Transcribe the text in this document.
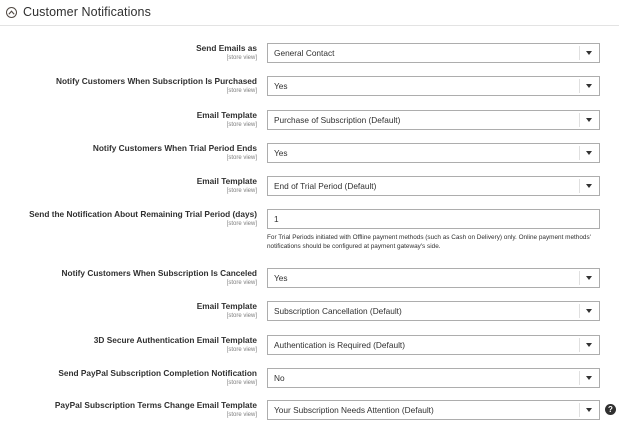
Customer Notifications
Send Emails as
[store view]	General Contact
Notify Customers When Subscription Is Purchased
[store view]	Yes
Email Template
[store view]	Purchase of Subscription (Default)
Notify Customers When Trial Period Ends
[store view]	Yes
Email Template
[store view]	End of Trial Period (Default)
Send the Notification About Remaining Trial Period (days)
[store view]	1
For Trial Periods initiated with Offline payment methods (such as Cash on Delivery) only. Online payment methods' notifications should be configured at payment gateway's side.
Notify Customers When Subscription Is Canceled
[store view]	Yes
Email Template
[store view]	Subscription Cancellation (Default)
3D Secure Authentication Email Template
[store view]	Authentication is Required (Default)
Send PayPal Subscription Completion Notification
[store view]	No
PayPal Subscription Terms Change Email Template
[store view]	Your Subscription Needs Attention (Default)	?
